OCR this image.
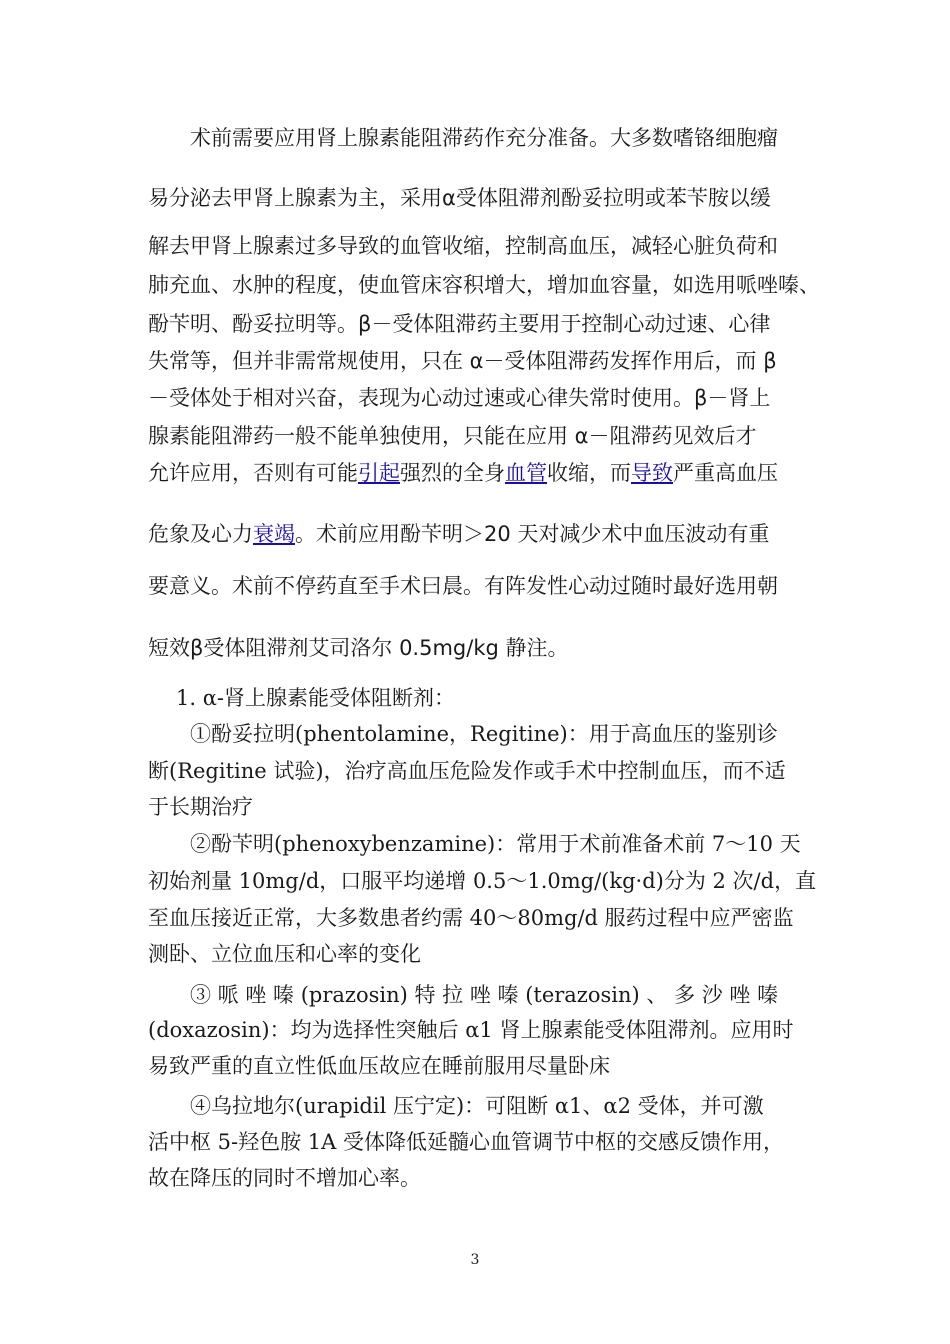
术前需要应用肾上腺素能阻滞药作充分准备。大多数嗜铬细胞瘤
易分泌去甲肾上腺素为主，采用α受体阻滞剂酚妥拉明或苯苄胺以缓
解去甲肾上腺素过多导致的血管收缩，控制高血压，减轻心脏负荷和
肺充血、水肿的程度，使血管床容积增大，增加血容量，如选用哌唑嗪、
酚苄明、酚妥拉明等。β－受体阻滞药主要用于控制心动过速、心律
失常等，但并非需常规使用，只在 α－受体阻滞药发挥作用后，而 β
－受体处于相对兴奋，表现为心动过速或心律失常时使用。β－肾上
腺素能阻滞药一般不能单独使用，只能在应用 α－阻滞药见效后才
允许应用，否则有可能引起强烈的全身血管收缩，而导致严重高血压
危象及心力衰竭。术前应用酚苄明＞20 天对减少术中血压波动有重
要意义。术前不停药直至手术曰晨。有阵发性心动过随时最好选用朝
短效β受体阻滞剂艾司洛尔 0.5mg/kg 静注。
1. α-肾上腺素能受体阻断剂：
①酚妥拉明(phentolamine，Regitine)：用于高血压的鉴别诊
断(Regitine 试验)，治疗高血压危险发作或手术中控制血压，而不适
于长期治疗
②酚苄明(phenoxybenzamine)：常用于术前准备术前 7～10 天
初始剂量 10mg/d，口服平均递增 0.5～1.0mg/(kg·d)分为 2 次/d，直
至血压接近正常，大多数患者约需 40～80mg/d 服药过程中应严密监
测卧、立位血压和心率的变化
③ 哌 唑 嗪 (prazosin) 特 拉 唑 嗪 (terazosin) 、 多 沙 唑 嗪
(doxazosin)：均为选择性突触后 α1 肾上腺素能受体阻滞剂。应用时
易致严重的直立性低血压故应在睡前服用尽量卧床
④乌拉地尔(urapidil 压宁定)：可阻断 α1、α2 受体，并可激
活中枢 5-羟色胺 1A 受体降低延髓心血管调节中枢的交感反馈作用，
故在降压的同时不增加心率。
3
